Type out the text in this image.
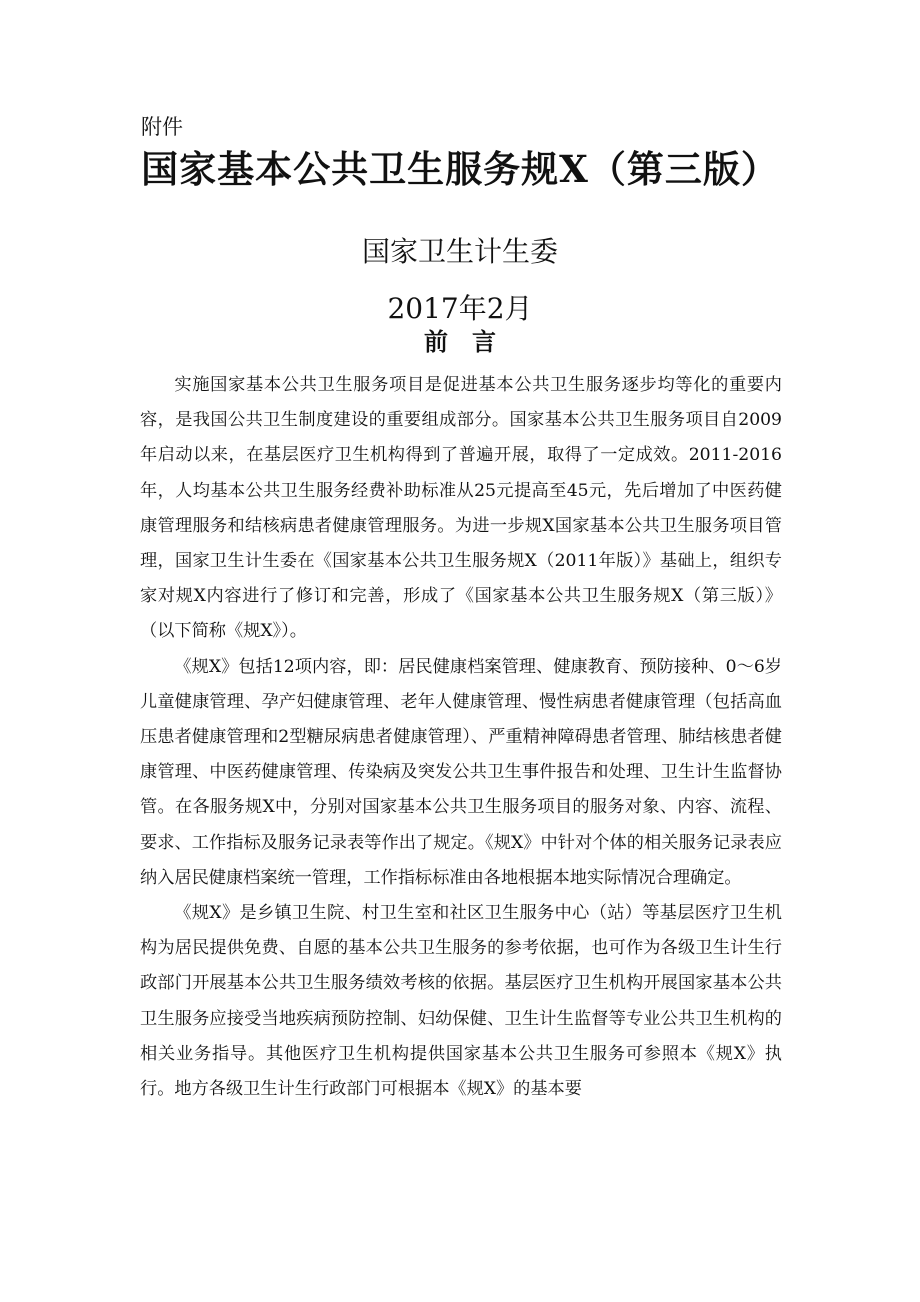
附件
国家基本公共卫生服务规X（第三版）
国家卫生计生委
2017年2月
前　言

实施国家基本公共卫生服务项目是促进基本公共卫生服务逐步均等化的重要内容，是我国公共卫生制度建设的重要组成部分。国家基本公共卫生服务项目自2009年启动以来，在基层医疗卫生机构得到了普遍开展，取得了一定成效。2011-2016年，人均基本公共卫生服务经费补助标准从25元提高至45元，先后增加了中医药健康管理服务和结核病患者健康管理服务。为进一步规X国家基本公共卫生服务项目管理，国家卫生计生委在《国家基本公共卫生服务规X（2011年版）》基础上，组织专家对规X内容进行了修订和完善，形成了《国家基本公共卫生服务规X（第三版）》（以下简称《规X》）。

《规X》包括12项内容，即：居民健康档案管理、健康教育、预防接种、0～6岁儿童健康管理、孕产妇健康管理、老年人健康管理、慢性病患者健康管理（包括高血压患者健康管理和2型糖尿病患者健康管理）、严重精神障碍患者管理、肺结核患者健康管理、中医药健康管理、传染病及突发公共卫生事件报告和处理、卫生计生监督协管。在各服务规X中，分别对国家基本公共卫生服务项目的服务对象、内容、流程、要求、工作指标及服务记录表等作出了规定。《规X》中针对个体的相关服务记录表应纳入居民健康档案统一管理，工作指标标准由各地根据本地实际情况合理确定。

《规X》是乡镇卫生院、村卫生室和社区卫生服务中心（站）等基层医疗卫生机构为居民提供免费、自愿的基本公共卫生服务的参考依据，也可作为各级卫生计生行政部门开展基本公共卫生服务绩效考核的依据。基层医疗卫生机构开展国家基本公共卫生服务应接受当地疾病预防控制、妇幼保健、卫生计生监督等专业公共卫生机构的相关业务指导。其他医疗卫生机构提供国家基本公共卫生服务可参照本《规X》执行。地方各级卫生计生行政部门可根据本《规X》的基本要
